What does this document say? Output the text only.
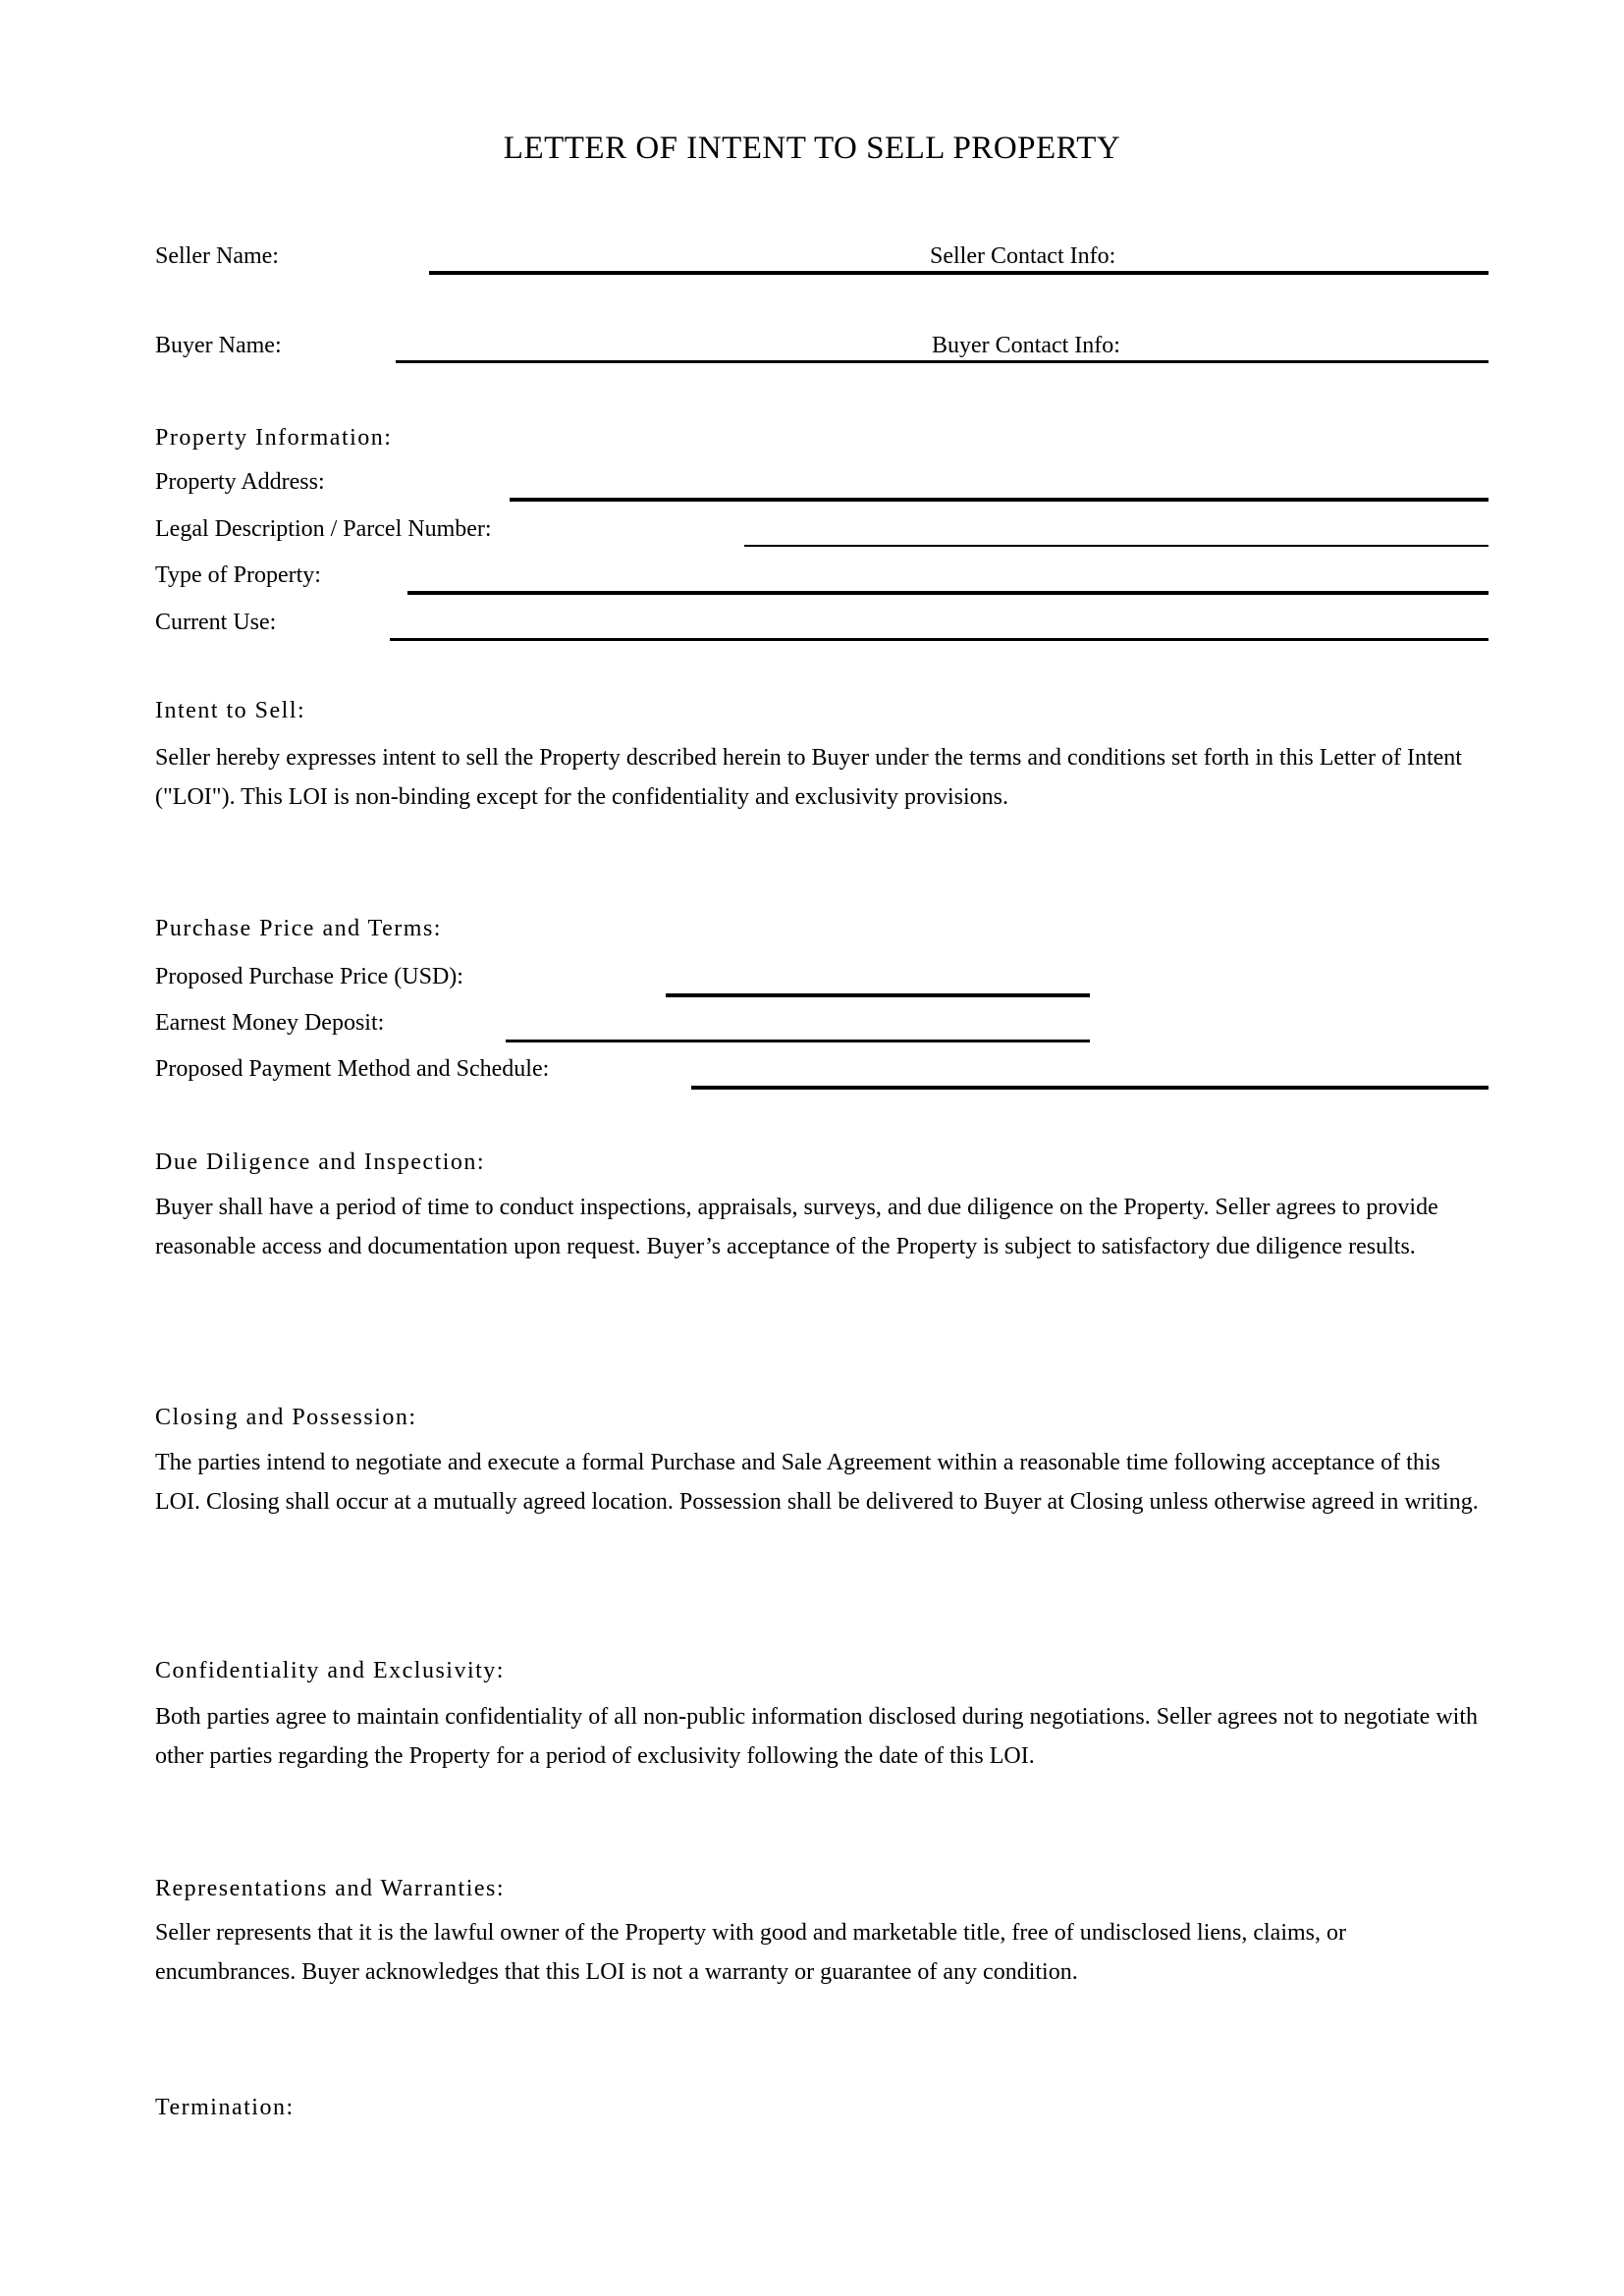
LETTER OF INTENT TO SELL PROPERTY
Seller Name:	Seller Contact Info:
Buyer Name:	Buyer Contact Info:
Property Information:
Property Address:
Legal Description / Parcel Number:
Type of Property:
Current Use:
Intent to Sell:
Seller hereby expresses intent to sell the Property described herein to Buyer under the terms and conditions set forth in this Letter of Intent ("LOI"). This LOI is non-binding except for the confidentiality and exclusivity provisions.
Purchase Price and Terms:
Proposed Purchase Price (USD):
Earnest Money Deposit:
Proposed Payment Method and Schedule:
Due Diligence and Inspection:
Buyer shall have a period of time to conduct inspections, appraisals, surveys, and due diligence on the Property. Seller agrees to provide reasonable access and documentation upon request. Buyer’s acceptance of the Property is subject to satisfactory due diligence results.
Closing and Possession:
The parties intend to negotiate and execute a formal Purchase and Sale Agreement within a reasonable time following acceptance of this LOI. Closing shall occur at a mutually agreed location. Possession shall be delivered to Buyer at Closing unless otherwise agreed in writing.
Confidentiality and Exclusivity:
Both parties agree to maintain confidentiality of all non-public information disclosed during negotiations. Seller agrees not to negotiate with other parties regarding the Property for a period of exclusivity following the date of this LOI.
Representations and Warranties:
Seller represents that it is the lawful owner of the Property with good and marketable title, free of undisclosed liens, claims, or encumbrances. Buyer acknowledges that this LOI is not a warranty or guarantee of any condition.
Termination:
